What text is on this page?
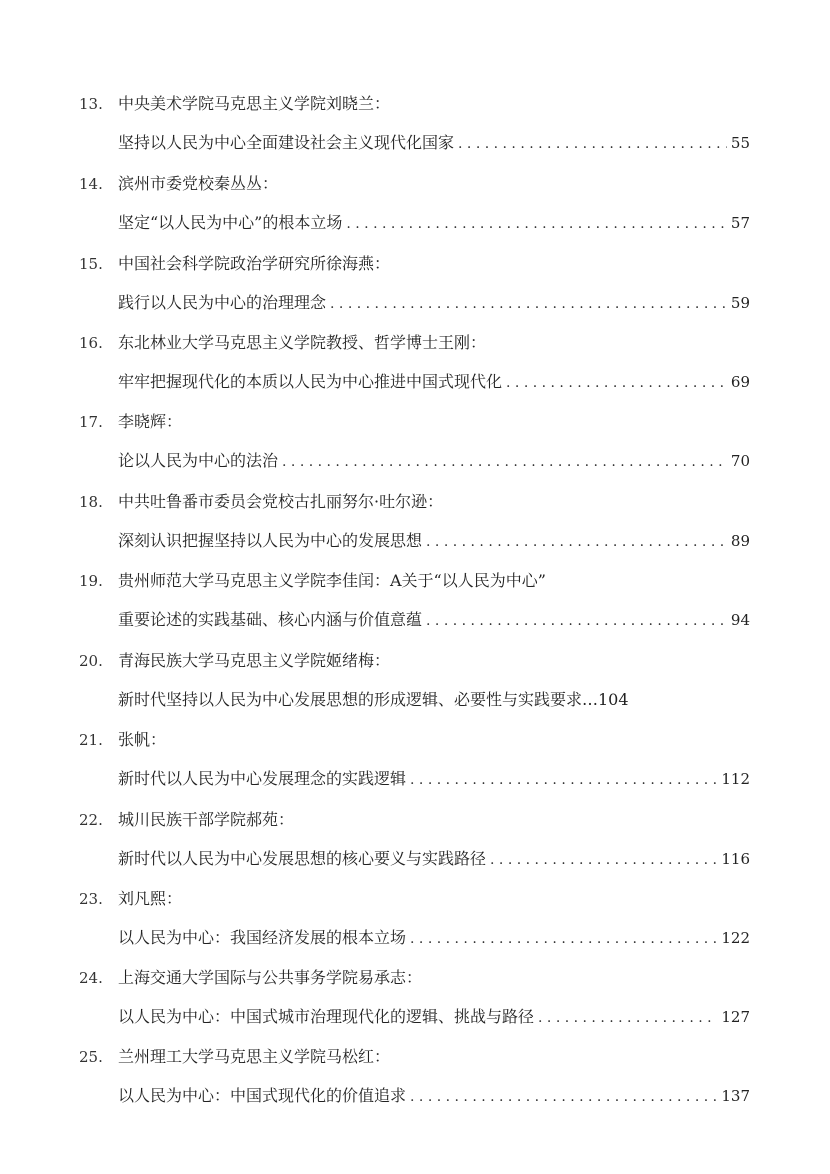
13. 中央美术学院马克思主义学院刘晓兰：
坚持以人民为中心全面建设社会主义现代化国家 . . .	55
14. 滨州市委党校秦丛丛：
坚定“以人民为中心”的根本立场 . . .	57
15. 中国社会科学院政治学研究所徐海燕：
践行以人民为中心的治理理念 . . .	59
16. 东北林业大学马克思主义学院教授、哲学博士王刚：
牢牢把握现代化的本质以人民为中心推进中国式现代化 . . .	69
17. 李晓辉：
论以人民为中心的法治 . . .	70
18. 中共吐鲁番市委员会党校古扎丽努尔·吐尔逊：
深刻认识把握坚持以人民为中心的发展思想 . . .	89
19. 贵州师范大学马克思主义学院李佳闰：A关于“以人民为中心”
重要论述的实践基础、核心内涵与价值意蕴 . . .	94
20. 青海民族大学马克思主义学院姬绪梅：
新时代坚持以人民为中心发展思想的形成逻辑、必要性与实践要求…104
21. 张帆：
新时代以人民为中心发展理念的实践逻辑 . . .	112
22. 城川民族干部学院郝苑：
新时代以人民为中心发展思想的核心要义与实践路径 . . .	116
23. 刘凡熙：
以人民为中心：我国经济发展的根本立场 . . .	122
24. 上海交通大学国际与公共事务学院易承志：
以人民为中心：中国式城市治理现代化的逻辑、挑战与路径 . . .	127
25. 兰州理工大学马克思主义学院马松红：
以人民为中心：中国式现代化的价值追求 . . .	137
